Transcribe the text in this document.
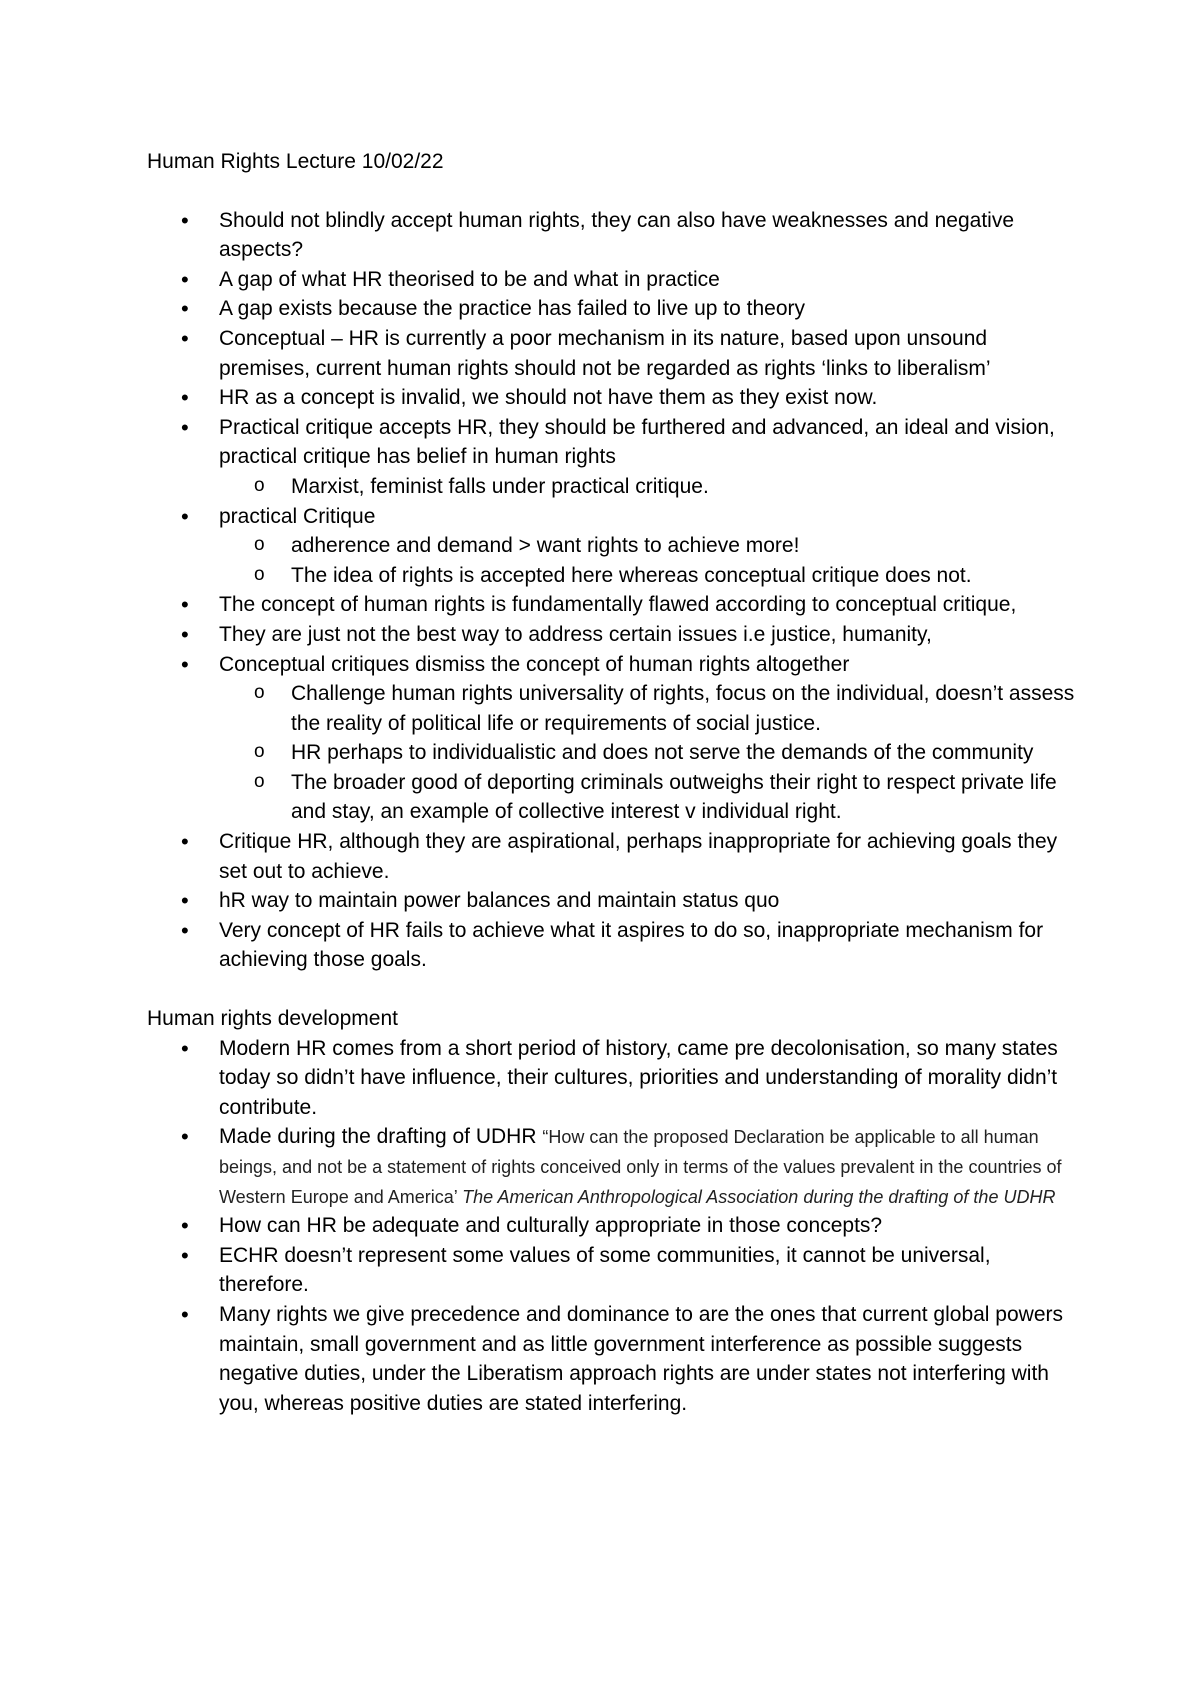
Human Rights Lecture 10/02/22
• Should not blindly accept human rights, they can also have weaknesses and negative aspects?
• A gap of what HR theorised to be and what in practice
• A gap exists because the practice has failed to live up to theory
• Conceptual – HR is currently a poor mechanism in its nature, based upon unsound premises, current human rights should not be regarded as rights ‘links to liberalism’
• HR as a concept is invalid, we should not have them as they exist now.
• Practical critique accepts HR, they should be furthered and advanced, an ideal and vision, practical critique has belief in human rights
o Marxist, feminist falls under practical critique.
• practical Critique
o adherence and demand > want rights to achieve more!
o The idea of rights is accepted here whereas conceptual critique does not.
• The concept of human rights is fundamentally flawed according to conceptual critique,
• They are just not the best way to address certain issues i.e justice, humanity,
• Conceptual critiques dismiss the concept of human rights altogether
o Challenge human rights universality of rights, focus on the individual, doesn’t assess the reality of political life or requirements of social justice.
o HR perhaps to individualistic and does not serve the demands of the community
o The broader good of deporting criminals outweighs their right to respect private life and stay, an example of collective interest v individual right.
• Critique HR, although they are aspirational, perhaps inappropriate for achieving goals they set out to achieve.
• hR way to maintain power balances and maintain status quo
• Very concept of HR fails to achieve what it aspires to do so, inappropriate mechanism for achieving those goals.
Human rights development
• Modern HR comes from a short period of history, came pre decolonisation, so many states today so didn’t have influence, their cultures, priorities and understanding of morality didn’t contribute.
• Made during the drafting of UDHR “How can the proposed Declaration be applicable to all human beings, and not be a statement of rights conceived only in terms of the values prevalent in the countries of Western Europe and America’ The American Anthropological Association during the drafting of the UDHR
• How can HR be adequate and culturally appropriate in those concepts?
• ECHR doesn’t represent some values of some communities, it cannot be universal, therefore.
• Many rights we give precedence and dominance to are the ones that current global powers maintain, small government and as little government interference as possible suggests negative duties, under the Liberatism approach rights are under states not interfering with you, whereas positive duties are stated interfering.
